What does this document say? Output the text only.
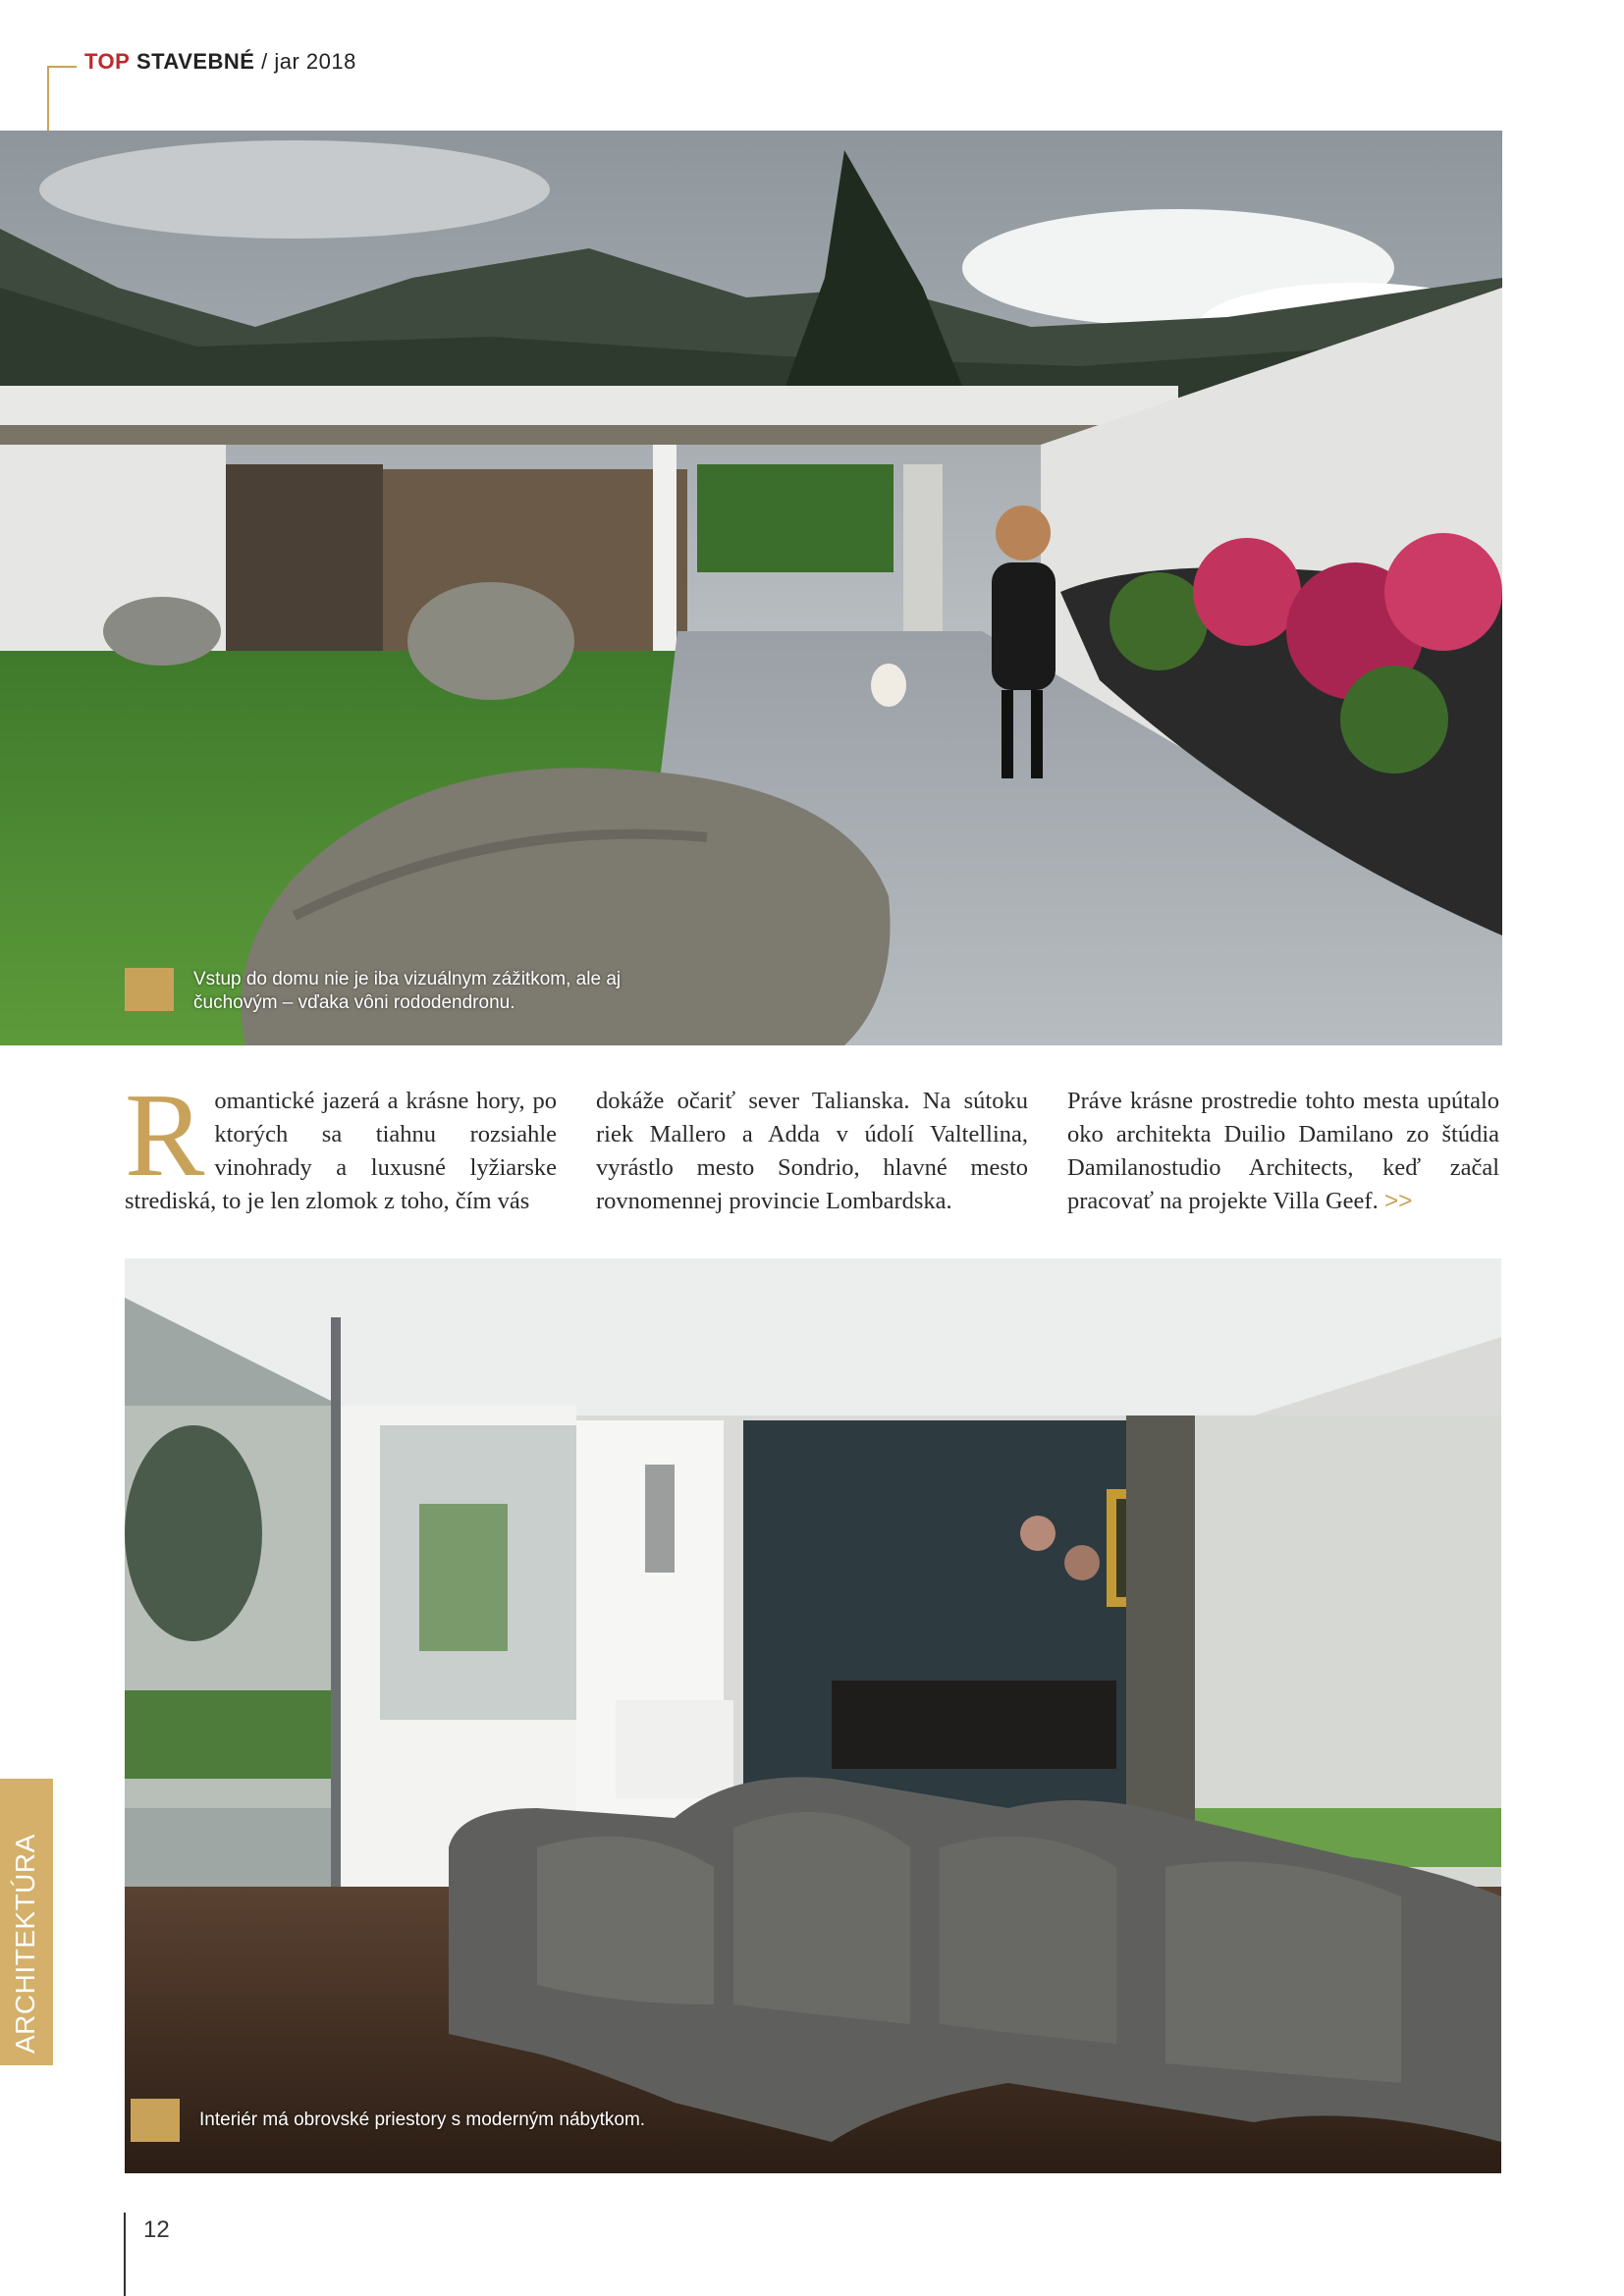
TOP STAVEBNÉ / jar 2018
Vstup do domu nie je iba vizuálnym zážitkom, ale aj čuchovým – vďaka vôni rododendronu.
Romantické jazerá a krásne hory, po ktorých sa tiahnu rozsiahle vinohrady a luxusné lyžiarske strediská, to je len zlomok z toho, čím vás
dokáže očariť sever Talianska. Na sútoku riek Mallero a Adda v údolí Valtellina, vyrástlo mesto Sondrio, hlavné mesto rovnomennej provincie Lombardska.
Práve krásne prostredie tohto mesta upútalo oko architekta Duilio Damilano zo štúdia Damilanostudio Architects, keď začal pracovať na projekte Villa Geef. >>
Interiér má obrovské priestory s moderným nábytkom.
ARCHITEKTÚRA
12
